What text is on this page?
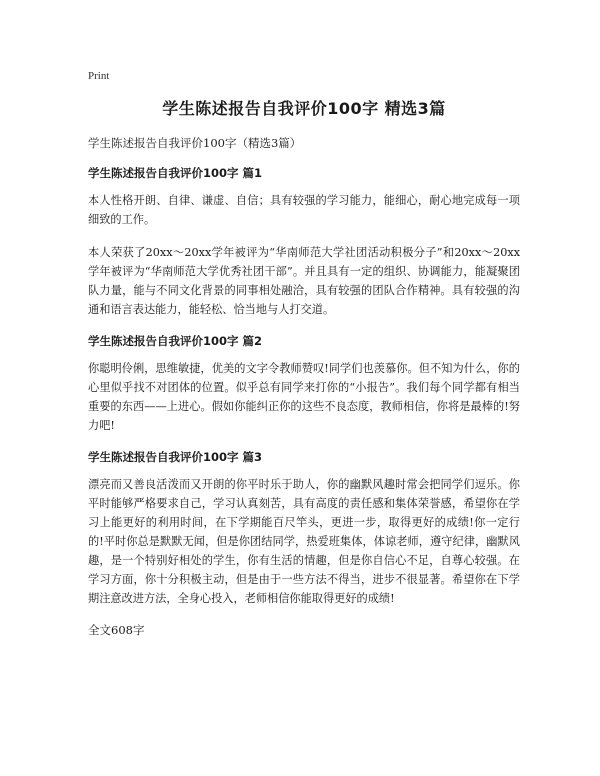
Print
学生陈述报告自我评价100字 精选3篇

学生陈述报告自我评价100字（精选3篇）

学生陈述报告自我评价100字 篇1

本人性格开朗、自律、谦虚、自信；具有较强的学习能力，能细心，耐心地完成每一项细致的工作。

本人荣获了20xx～20xx学年被评为“华南师范大学社团活动积极分子”和20xx～20xx学年被评为“华南师范大学优秀社团干部”。并且具有一定的组织、协调能力，能凝聚团队力量，能与不同文化背景的同事相处融洽，具有较强的团队合作精神。具有较强的沟通和语言表达能力，能轻松、恰当地与人打交道。

学生陈述报告自我评价100字 篇2

你聪明伶俐，思维敏捷，优美的文字令教师赞叹!同学们也羡慕你。但不知为什么，你的心里似乎找不对团体的位置。似乎总有同学来打你的“小报告”。我们每个同学都有相当重要的东西——上进心。假如你能纠正你的这些不良态度，教师相信，你将是最棒的!努力吧!

学生陈述报告自我评价100字 篇3

漂亮而又善良活泼而又开朗的你平时乐于助人，你的幽默风趣时常会把同学们逗乐。你平时能够严格要求自己，学习认真刻苦，具有高度的责任感和集体荣誉感，希望你在学习上能更好的利用时间，在下学期能百尺竿头，更进一步，取得更好的成绩!你一定行的!平时你总是默默无闻，但是你团结同学，热爱班集体，体谅老师，遵守纪律，幽默风趣，是一个特别好相处的学生，你有生活的情趣，但是你自信心不足，自尊心较强。在学习方面，你十分积极主动，但是由于一些方法不得当，进步不很显著。希望你在下学期注意改进方法，全身心投入，老师相信你能取得更好的成绩!

全文608字
